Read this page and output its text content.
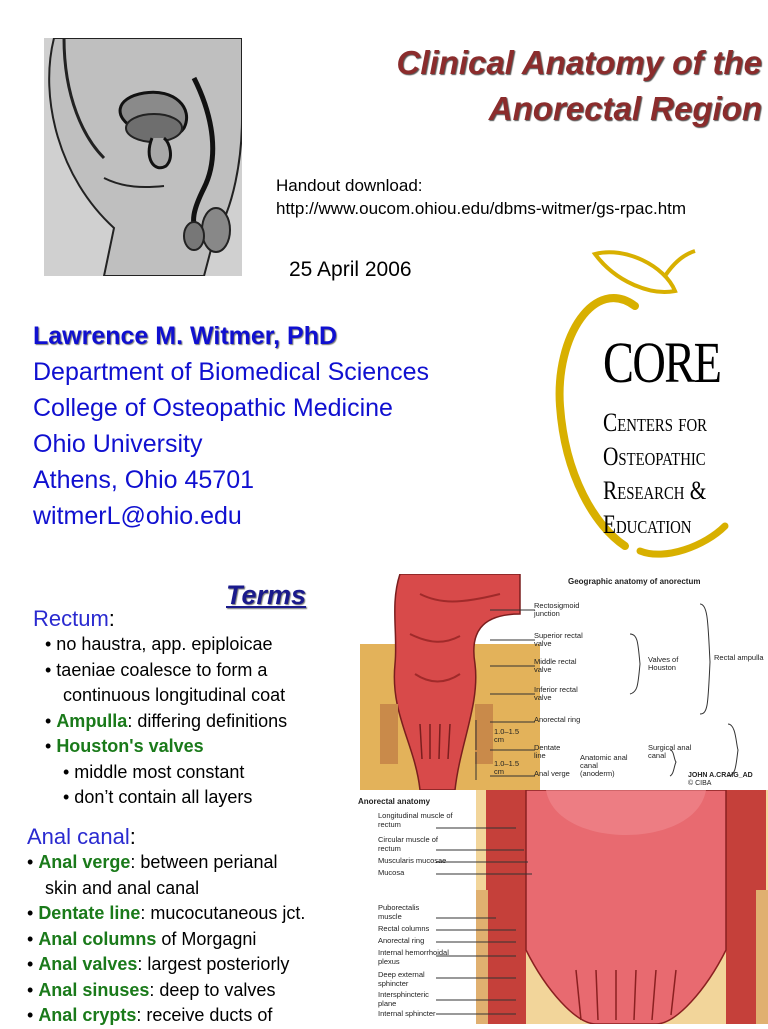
Clinical Anatomy of the
Anorectal Region
Handout download:
http://www.oucom.ohiou.edu/dbms-witmer/gs-rpac.htm
25 April 2006
Lawrence M. Witmer, PhD
Department of Biomedical Sciences
College of Osteopathic Medicine
Ohio University
Athens, Ohio 45701
witmerL@ohio.edu
CORE
Centers for
Osteopathic
Research &
Education
Terms
Rectum:
• no haustra, app. epiploicae
• taeniae coalesce to form a
continuous longitudinal coat
• Ampulla: differing definitions
• Houston's valves
• middle most constant
• don’t contain all layers
Anal canal:
• Anal verge: between perianal
skin and anal canal
• Dentate line: mucocutaneous jct.
• Anal columns of Morgagni
• Anal valves: largest posteriorly
• Anal sinuses: deep to valves
• Anal crypts: receive ducts of
Geographic anatomy of anorectum
Rectosigmoid junction
Superior rectal valve
Middle rectal valve
Inferior rectal valve
Valves of Houston
Rectal ampulla
Anorectal ring
Dentate line
Anal verge
Anatomic anal canal (anoderm)
Surgical anal canal
1.0–1.5 cm
1.0–1.5 cm	JOHN A.CRAIG_AD
© CIBA
Anorectal anatomy
Longitudinal muscle of rectum
Circular muscle of rectum
Muscularis mucosae
Mucosa
Puborectalis muscle
Rectal columns
Anorectal ring
Internal hemorrhoidal plexus
Deep external sphincter
Intersphincteric plane
Internal sphincter
